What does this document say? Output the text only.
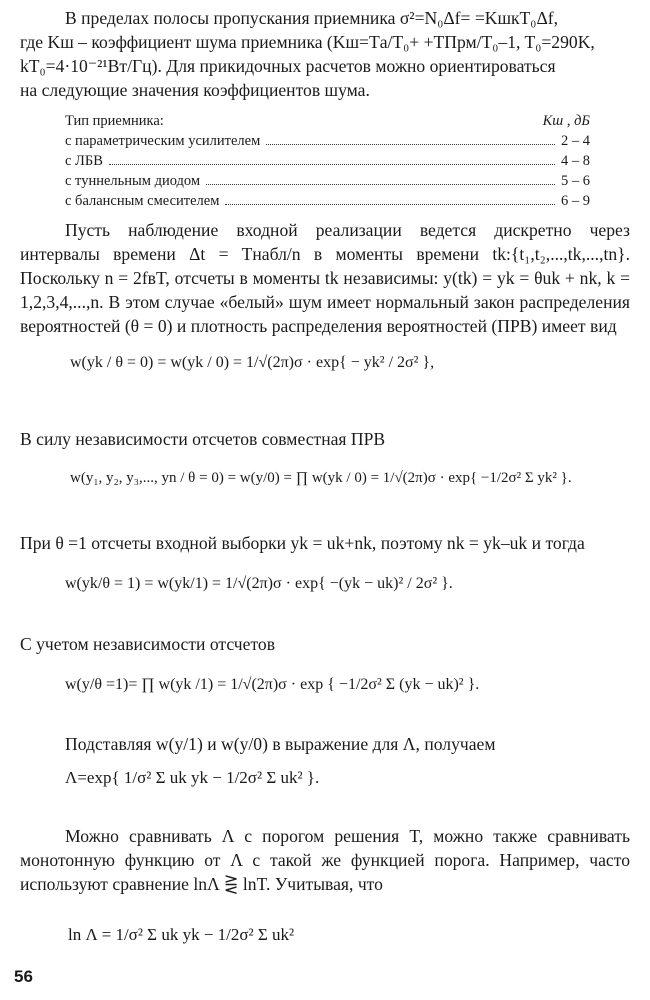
В пределах полосы пропускания приемника σ²=N₀Δf= =KшкT₀Δf,

где Kш – коэффициент шума приемника (Kш=Tа/T₀+ +TПрм/T₀–1, T₀=290K,

kT₀=4·10⁻²¹Вт/Гц). Для прикидочных расчетов можно ориентироваться

на следующие значения коэффициентов шума.

Тип приемника:	Kш , дБ
с параметрическим усилителем	2 – 4
с ЛБВ	4 – 8
с туннельным диодом	5 – 6
с балансным смесителем	6 – 9

Пусть наблюдение входной реализации ведется дискретно через интервалы времени Δt = Tнабл/n в моменты времени tk:{t₁,t₂,...,tk,...,tn}. Поскольку n = 2fвT, отсчеты в моменты tk независимы: y(tk) = yk = θuk + nk, k = 1,2,3,4,...,n. В этом случае «белый» шум имеет нормальный закон распределения вероятностей (θ = 0) и плотность распределения вероятностей (ПРВ) имеет вид

w(yk / θ = 0) = w(yk / 0) = 1/√(2π)σ · exp{ − yk² / 2σ² },

В силу независимости отсчетов совместная ПРВ

w(y₁, y₂, y₃,..., yn / θ = 0) = w(y/0) = ∏ w(yk / 0) = 1/√(2π)σ · exp{ −1/2σ² Σ yk² }.

При θ =1 отсчеты входной выборки yk = uk+nk, поэтому nk = yk–uk и тогда

w(yk/θ = 1) = w(yk/1) = 1/√(2π)σ · exp{ −(yk − uk)² / 2σ² }.

С учетом независимости отсчетов

w(y/θ =1)= ∏ w(yk /1) = 1/√(2π)σ · exp { −1/2σ² Σ (yk − uk)² }.

Подставляя w(y/1) и w(y/0) в выражение для Λ, получаем

Λ=exp{ 1/σ² Σ uk yk − 1/2σ² Σ uk² }.

Можно сравнивать Λ с порогом решения T, можно также сравнивать монотонную функцию от Λ с такой же функцией порога. Например, часто используют сравнение lnΛ ⋛ lnT. Учитывая, что

ln Λ = 1/σ² Σ uk yk − 1/2σ² Σ uk²
56
